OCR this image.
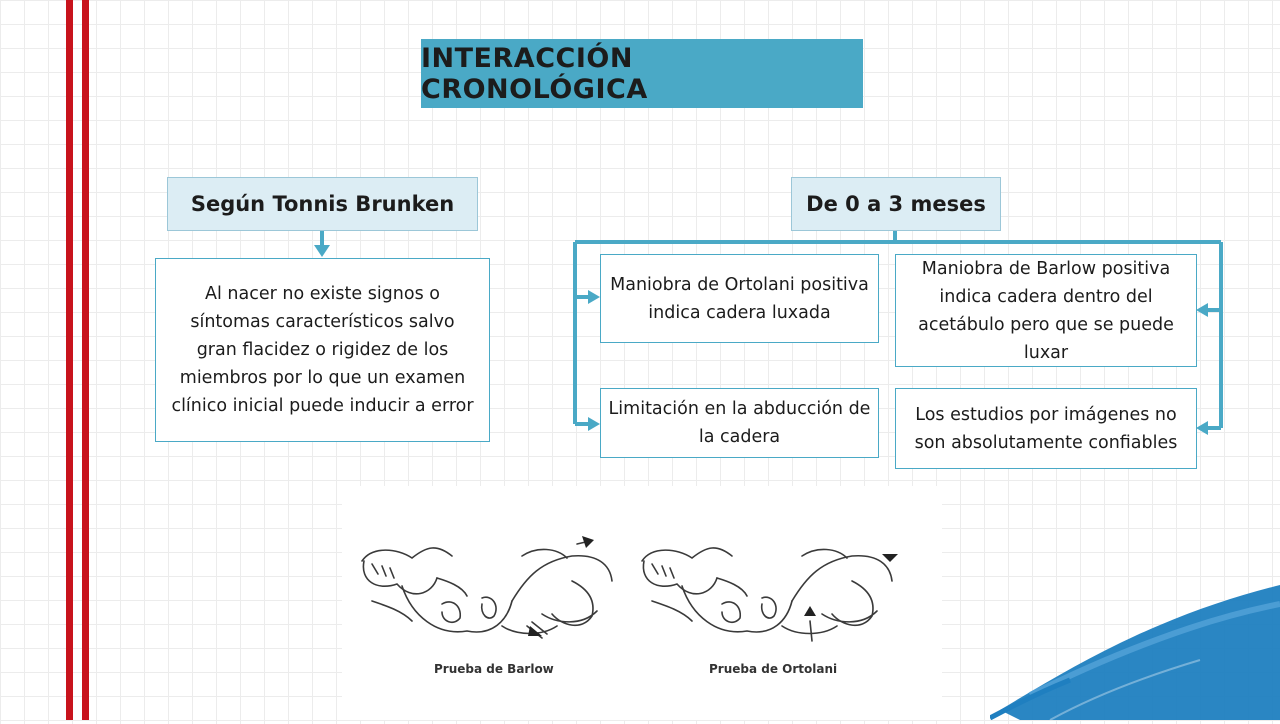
INTERACCIÓN CRONOLÓGICA
Según Tonnis Brunken
Al nacer no existe signos o síntomas característicos salvo gran flacidez o rigidez de los miembros por lo que un examen clínico inicial puede inducir a error
De 0 a 3 meses
Maniobra de Ortolani positiva indica cadera luxada
Maniobra de Barlow positiva indica cadera dentro del acetábulo pero que se puede luxar
Limitación en la abducción de la cadera
Los estudios por imágenes no son absolutamente confiables
Prueba de Barlow	Prueba de Ortolani
